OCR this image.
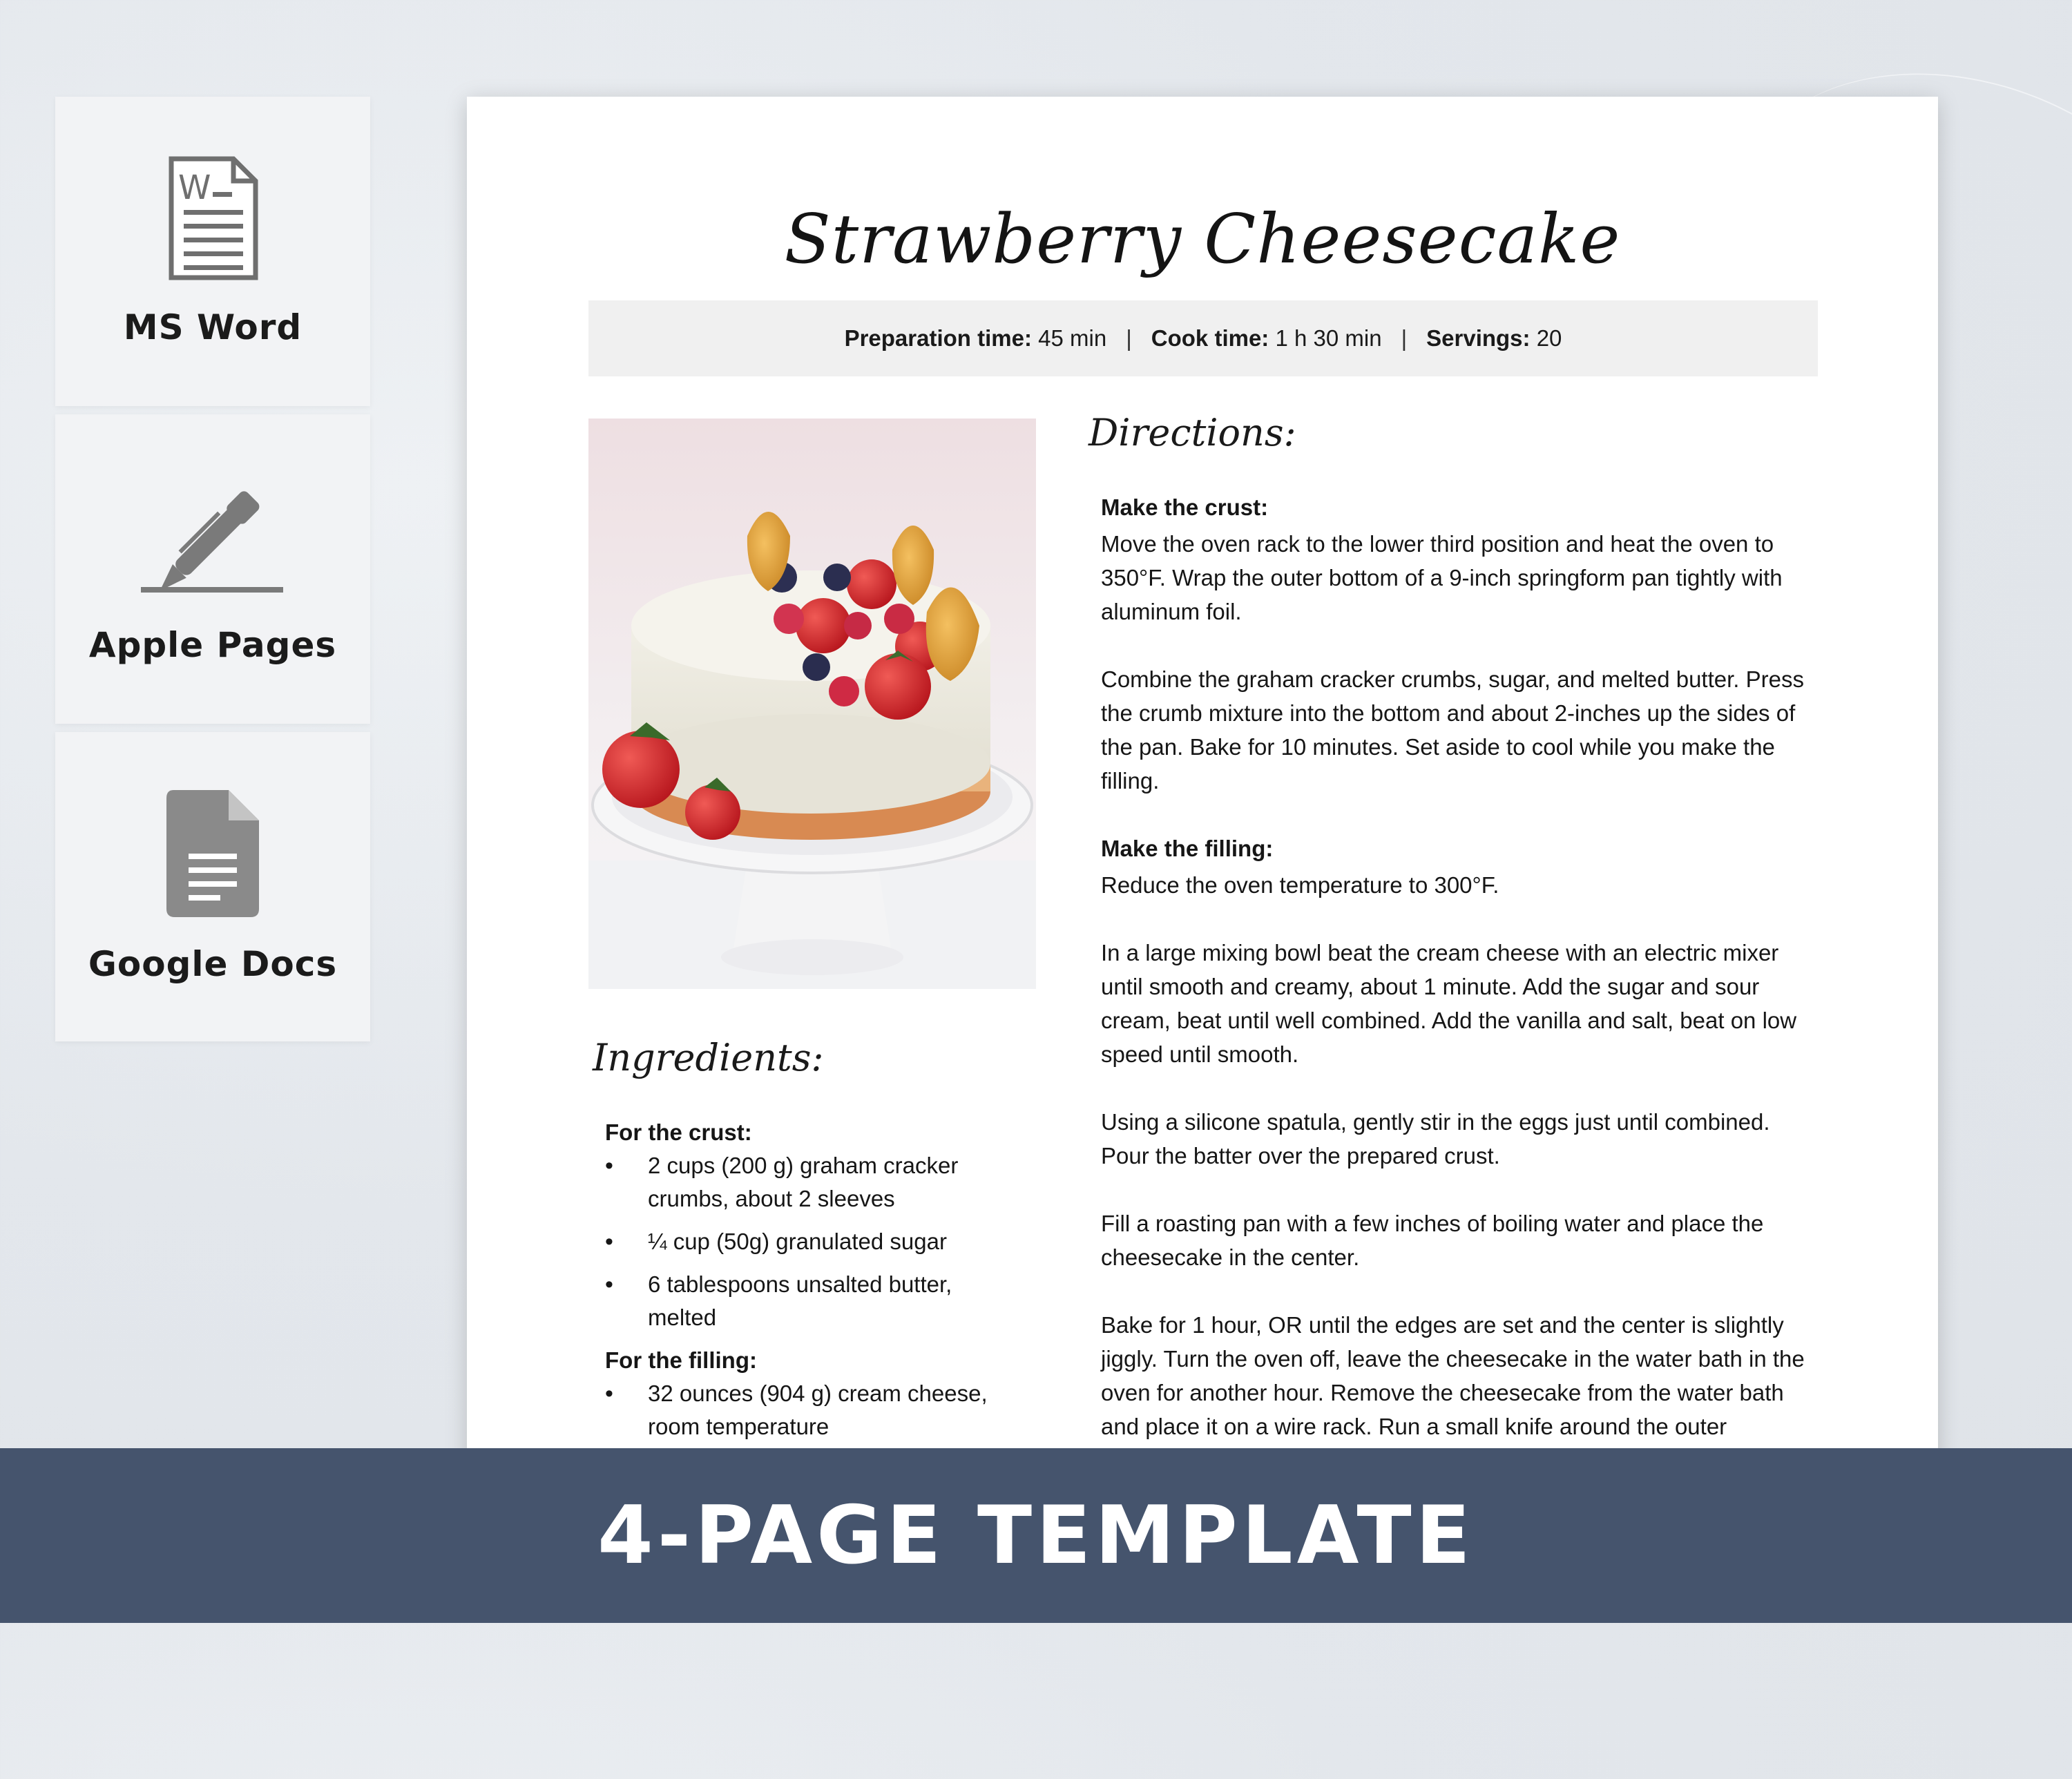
W
MS Word
Apple Pages
Google Docs
Strawberry Cheesecake
Preparation time:
45 min | Cook time:
1 h 30 min | Servings:
20
Ingredients:
For the crust:
• 2 cups (200 g) graham cracker crumbs, about 2 sleeves
• ¼ cup (50g) granulated sugar
• 6 tablespoons unsalted butter, melted
For the filling:
• 32 ounces (904 g) cream cheese, room temperature
Directions:

Make the crust:

Move the oven rack to the lower third position and heat the oven to 350°F. Wrap the outer bottom of a 9-inch springform pan tightly with aluminum foil.

Combine the graham cracker crumbs, sugar, and melted butter. Press the crumb mixture into the bottom and about 2-inches up the sides of the pan. Bake for 10 minutes. Set aside to cool while you make the filling.

Make the filling:

Reduce the oven temperature to 300°F.

In a large mixing bowl beat the cream cheese with an electric mixer until smooth and creamy, about 1 minute. Add the sugar and sour cream, beat until well combined. Add the vanilla and salt, beat on low speed until smooth.

Using a silicone spatula, gently stir in the eggs just until combined. Pour the batter over the prepared crust.

Fill a roasting pan with a few inches of boiling water and place the cheesecake in the center.

Bake for 1 hour, OR until the edges are set and the center is slightly jiggly. Turn the oven off, leave the cheesecake in the water bath in the oven for another hour. Remove the cheesecake from the water bath and place it on a wire rack. Run a small knife around the outer

4-PAGE TEMPLATE
